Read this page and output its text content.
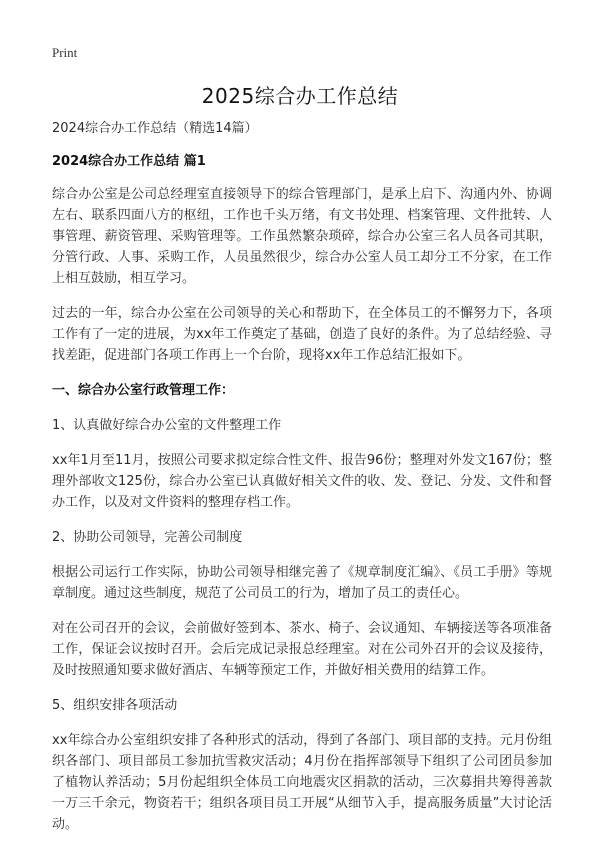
Print
2025综合办工作总结

2024综合办工作总结（精选14篇）

2024综合办工作总结 篇1

综合办公室是公司总经理室直接领导下的综合管理部门，是承上启下、沟通内外、协调左右、联系四面八方的枢纽，工作也千头万绪，有文书处理、档案管理、文件批转、人事管理、薪资管理、采购管理等。工作虽然繁杂琐碎，综合办公室三名人员各司其职，分管行政、人事、采购工作，人员虽然很少，综合办公室人员工却分工不分家，在工作上相互鼓励，相互学习。

过去的一年，综合办公室在公司领导的关心和帮助下，在全体员工的不懈努力下，各项工作有了一定的进展，为xx年工作奠定了基础，创造了良好的条件。为了总结经验、寻找差距，促进部门各项工作再上一个台阶，现将xx年工作总结汇报如下。

一、综合办公室行政管理工作：

1、认真做好综合办公室的文件整理工作

xx年1月至11月，按照公司要求拟定综合性文件、报告96份；整理对外发文167份；整理外部收文125份，综合办公室已认真做好相关文件的收、发、登记、分发、文件和督办工作，以及对文件资料的整理存档工作。

2、协助公司领导，完善公司制度

根据公司运行工作实际，协助公司领导相继完善了《规章制度汇编》、《员工手册》等规章制度。通过这些制度，规范了公司员工的行为，增加了员工的责任心。

对在公司召开的会议，会前做好签到本、茶水、椅子、会议通知、车辆接送等各项准备工作，保证会议按时召开。会后完成记录报总经理室。对在公司外召开的会议及接待，及时按照通知要求做好酒店、车辆等预定工作，并做好相关费用的结算工作。

5、组织安排各项活动

xx年综合办公室组织安排了各种形式的活动，得到了各部门、项目部的支持。元月份组织各部门、项目部员工参加抗雪救灾活动；4月份在指挥部领导下组织了公司团员参加了植物认养活动；5月份起组织全体员工向地震灾区捐款的活动，三次募捐共筹得善款一万三千余元，物资若干；组织各项目员工开展“从细节入手，提高服务质量”大讨论活动。
